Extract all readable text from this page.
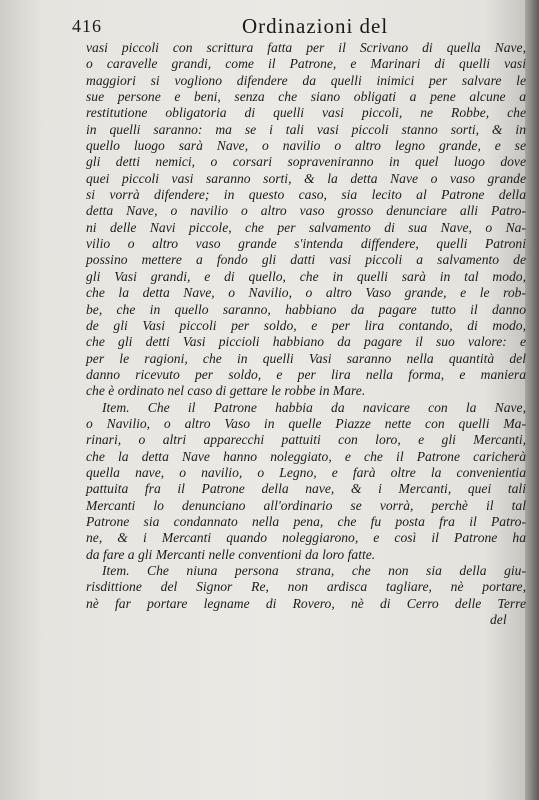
416	Ordinazioni del
vasi piccoli con scrittura fatta per il Scrivano di quella Nave,
o caravelle grandi, come il Patrone, e Marinari di quelli vasi
maggiori si vogliono difendere da quelli inimici per salvare le
sue persone e beni, senza che siano obligati a pene alcune a
restitutione obligatoria di quelli vasi piccoli, ne Robbe, che
in quelli saranno: ma se i tali vasi piccoli stanno sorti, & in
quello luogo sarà Nave, o navilio o altro legno grande, e se
gli detti nemici, o corsari sopraveniranno in quel luogo dove
quei piccoli vasi saranno sorti, & la detta Nave o vaso grande
si vorrà difendere; in questo caso, sia lecito al Patrone della
detta Nave, o navilio o altro vaso grosso denunciare alli Patro-
ni delle Navi piccole, che per salvamento di sua Nave, o Na-
vilio o altro vaso grande s'intenda diffendere, quelli Patroni
possino mettere a fondo gli datti vasi piccoli a salvamento de
gli Vasi grandi, e di quello, che in quelli sarà in tal modo,
che la detta Nave, o Navilio, o altro Vaso grande, e le rob-
be, che in quello saranno, habbiano da pagare tutto il danno
de gli Vasi piccoli per soldo, e per lira contando, di modo,
che gli detti Vasi piccioli habbiano da pagare il suo valore: e
per le ragioni, che in quelli Vasi saranno nella quantità del
danno ricevuto per soldo, e per lira nella forma, e maniera
che è ordinato nel caso di gettare le robbe in Mare.
Item. Che il Patrone habbia da navicare con la Nave,
o Navilio, o altro Vaso in quelle Piazze nette con quelli Ma-
rinari, o altri apparecchi pattuiti con loro, e gli Mercanti,
che la detta Nave hanno noleggiato, e che il Patrone caricherà
quella nave, o navilio, o Legno, e farà oltre la convenientia
pattuita fra il Patrone della nave, & i Mercanti, quei tali
Mercanti lo denunciano all'ordinario se vorrà, perchè il tal
Patrone sia condannato nella pena, che fu posta fra il Patro-
ne, & i Mercanti quando noleggiarono, e così il Patrone ha
da fare a gli Mercanti nelle conventioni da loro fatte.
Item. Che niuna persona strana, che non sia della giu-
risdittione del Signor Re, non ardisca tagliare, nè portare,
nè far portare legname di Rovero, nè di Cerro delle Terre
del
